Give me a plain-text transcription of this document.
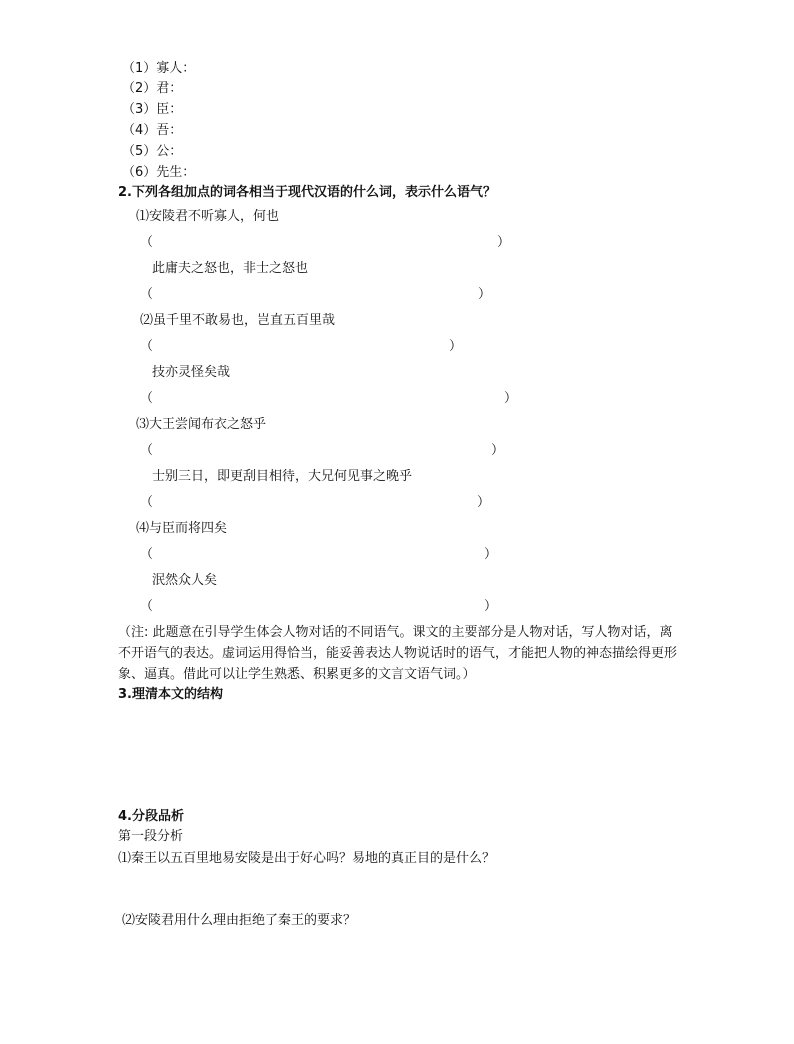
（1）寡人：
（2）君：
（3）臣：
（4）吾：
（5）公：
（6）先生：
2.下列各组加点的词各相当于现代汉语的什么词，表示什么语气？
⑴安陵君不听寡人，何也
（	）
此庸夫之怒也，非士之怒也
（	）
⑵虽千里不敢易也，岂直五百里哉
（	）
技亦灵怪矣哉
（	）
⑶大王尝闻布衣之怒乎
（	）
士别三日，即更刮目相待，大兄何见事之晚乎
（	）
⑷与臣而将四矣
（	）
泯然众人矣
（	）
（注: 此题意在引导学生体会人物对话的不同语气。课文的主要部分是人物对话，写人物对话，离不开语气的表达。虚词运用得恰当，能妥善表达人物说话时的语气，才能把人物的神态描绘得更形象、逼真。借此可以让学生熟悉、积累更多的文言文语气词。）
3.理清本文的结构
4.分段品析
第一段分析
⑴秦王以五百里地易安陵是出于好心吗？易地的真正目的是什么？
⑵安陵君用什么理由拒绝了秦王的要求？
